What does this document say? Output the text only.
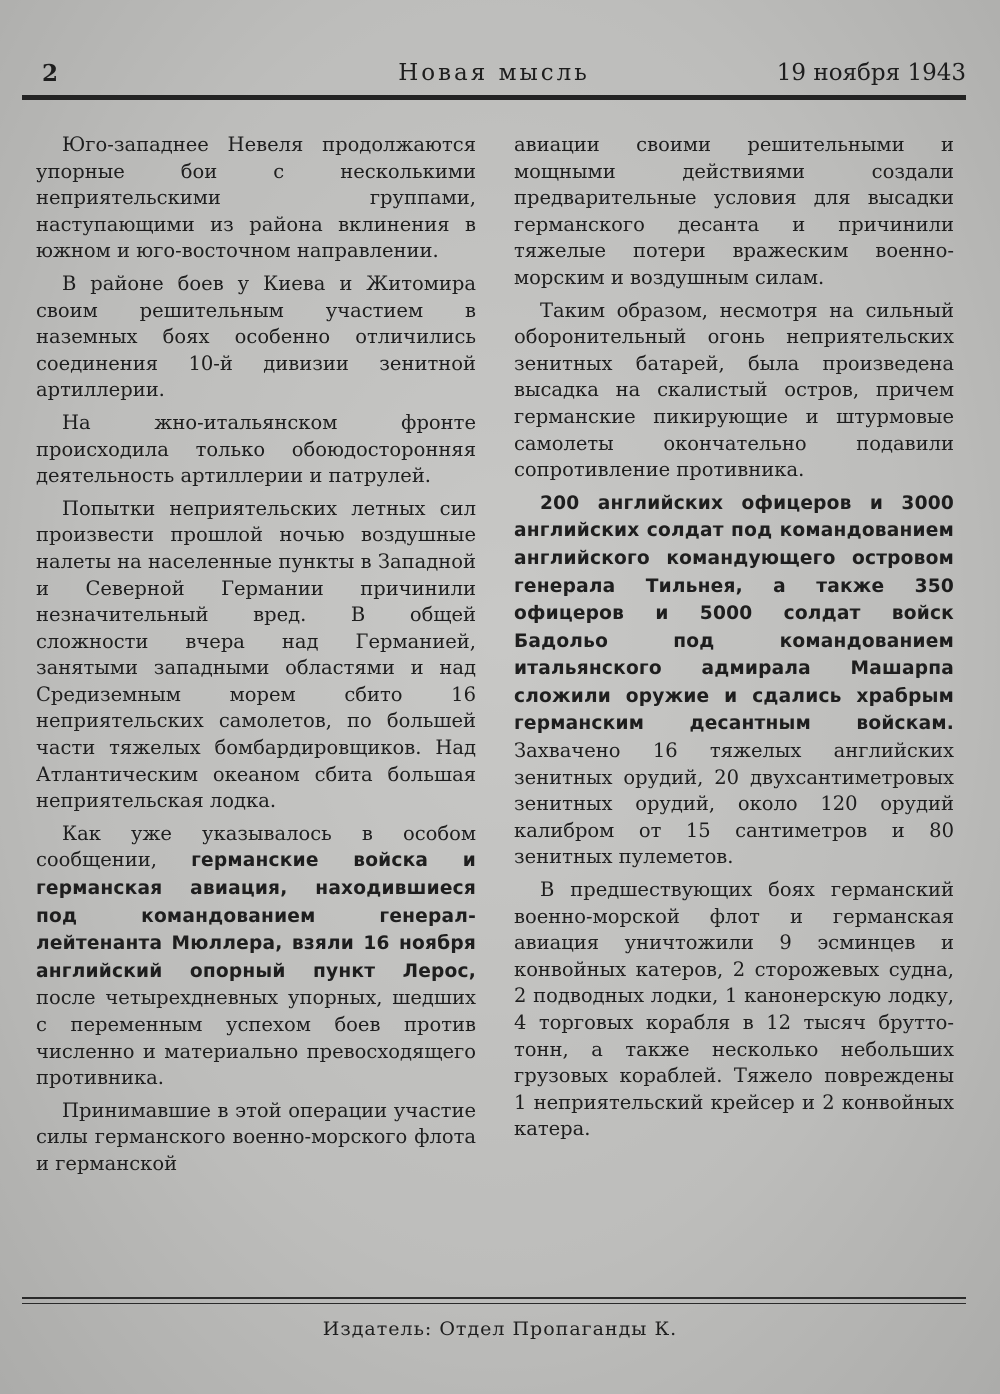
2	Новая мысль	19 ноября 1943

Юго-западнее Невеля продолжаются упорные бои с несколькими неприятельскими группами, наступающими из района вклинения в южном и юго-восточном направлении.

В районе боев у Киева и Житомира своим решительным участием в наземных боях особенно отличились соединения 10-й дивизии зенитной артиллерии.

На жно-итальянском фронте происходила только обоюдосторонняя деятельность артиллерии и патрулей.

Попытки неприятельских летных сил произвести прошлой ночью воздушные налеты на населенные пункты в Западной и Северной Германии причинили незначительный вред. В общей сложности вчера над Германией, занятыми западными областями и над Средиземным морем сбито 16 неприятельских самолетов, по большей части тяжелых бомбардировщиков. Над Атлантическим океаном сбита большая неприятельская лодка.

Как уже указывалось в особом сообщении, германские войска и германская авиация, находившиеся под командованием генерал-лейтенанта Мюллера, взяли 16 ноября английский опорный пункт Лерос, после четырехдневных упорных, шедших с переменным успехом боев против численно и материально превосходящего противника.

Принимавшие в этой операции участие силы германского военно-морского флота и германской

авиации своими решительными и мощными действиями создали предварительные условия для высадки германского десанта и причинили тяжелые потери вражеским военно-морским и воздушным силам.

Таким образом, несмотря на сильный оборонительный огонь неприятельских зенитных батарей, была произведена высадка на скалистый остров, причем германские пикирующие и штурмовые самолеты окончательно подавили сопротивление противника.

200 английских офицеров и 3000 английских солдат под командованием английского командующего островом генерала Тильнея, а также 350 офицеров и 5000 солдат войск Бадольо под командованием итальянского адмирала Машарпа сложили оружие и сдались храбрым германским десантным войскам. Захвачено 16 тяжелых английских зенитных орудий, 20 двухсантиметровых зенитных орудий, около 120 орудий калибром от 15 сантиметров и 80 зенитных пулеметов.

В предшествующих боях германский военно-морской флот и германская авиация уничтожили 9 эсминцев и конвойных катеров, 2 сторожевых судна, 2 подводных лодки, 1 канонерскую лодку, 4 торговых корабля в 12 тысяч брутто-тонн, а также несколько небольших грузовых кораблей. Тяжело повреждены 1 неприятельский крейсер и 2 конвойных катера.

Издатель: Отдел Пропаганды К.
